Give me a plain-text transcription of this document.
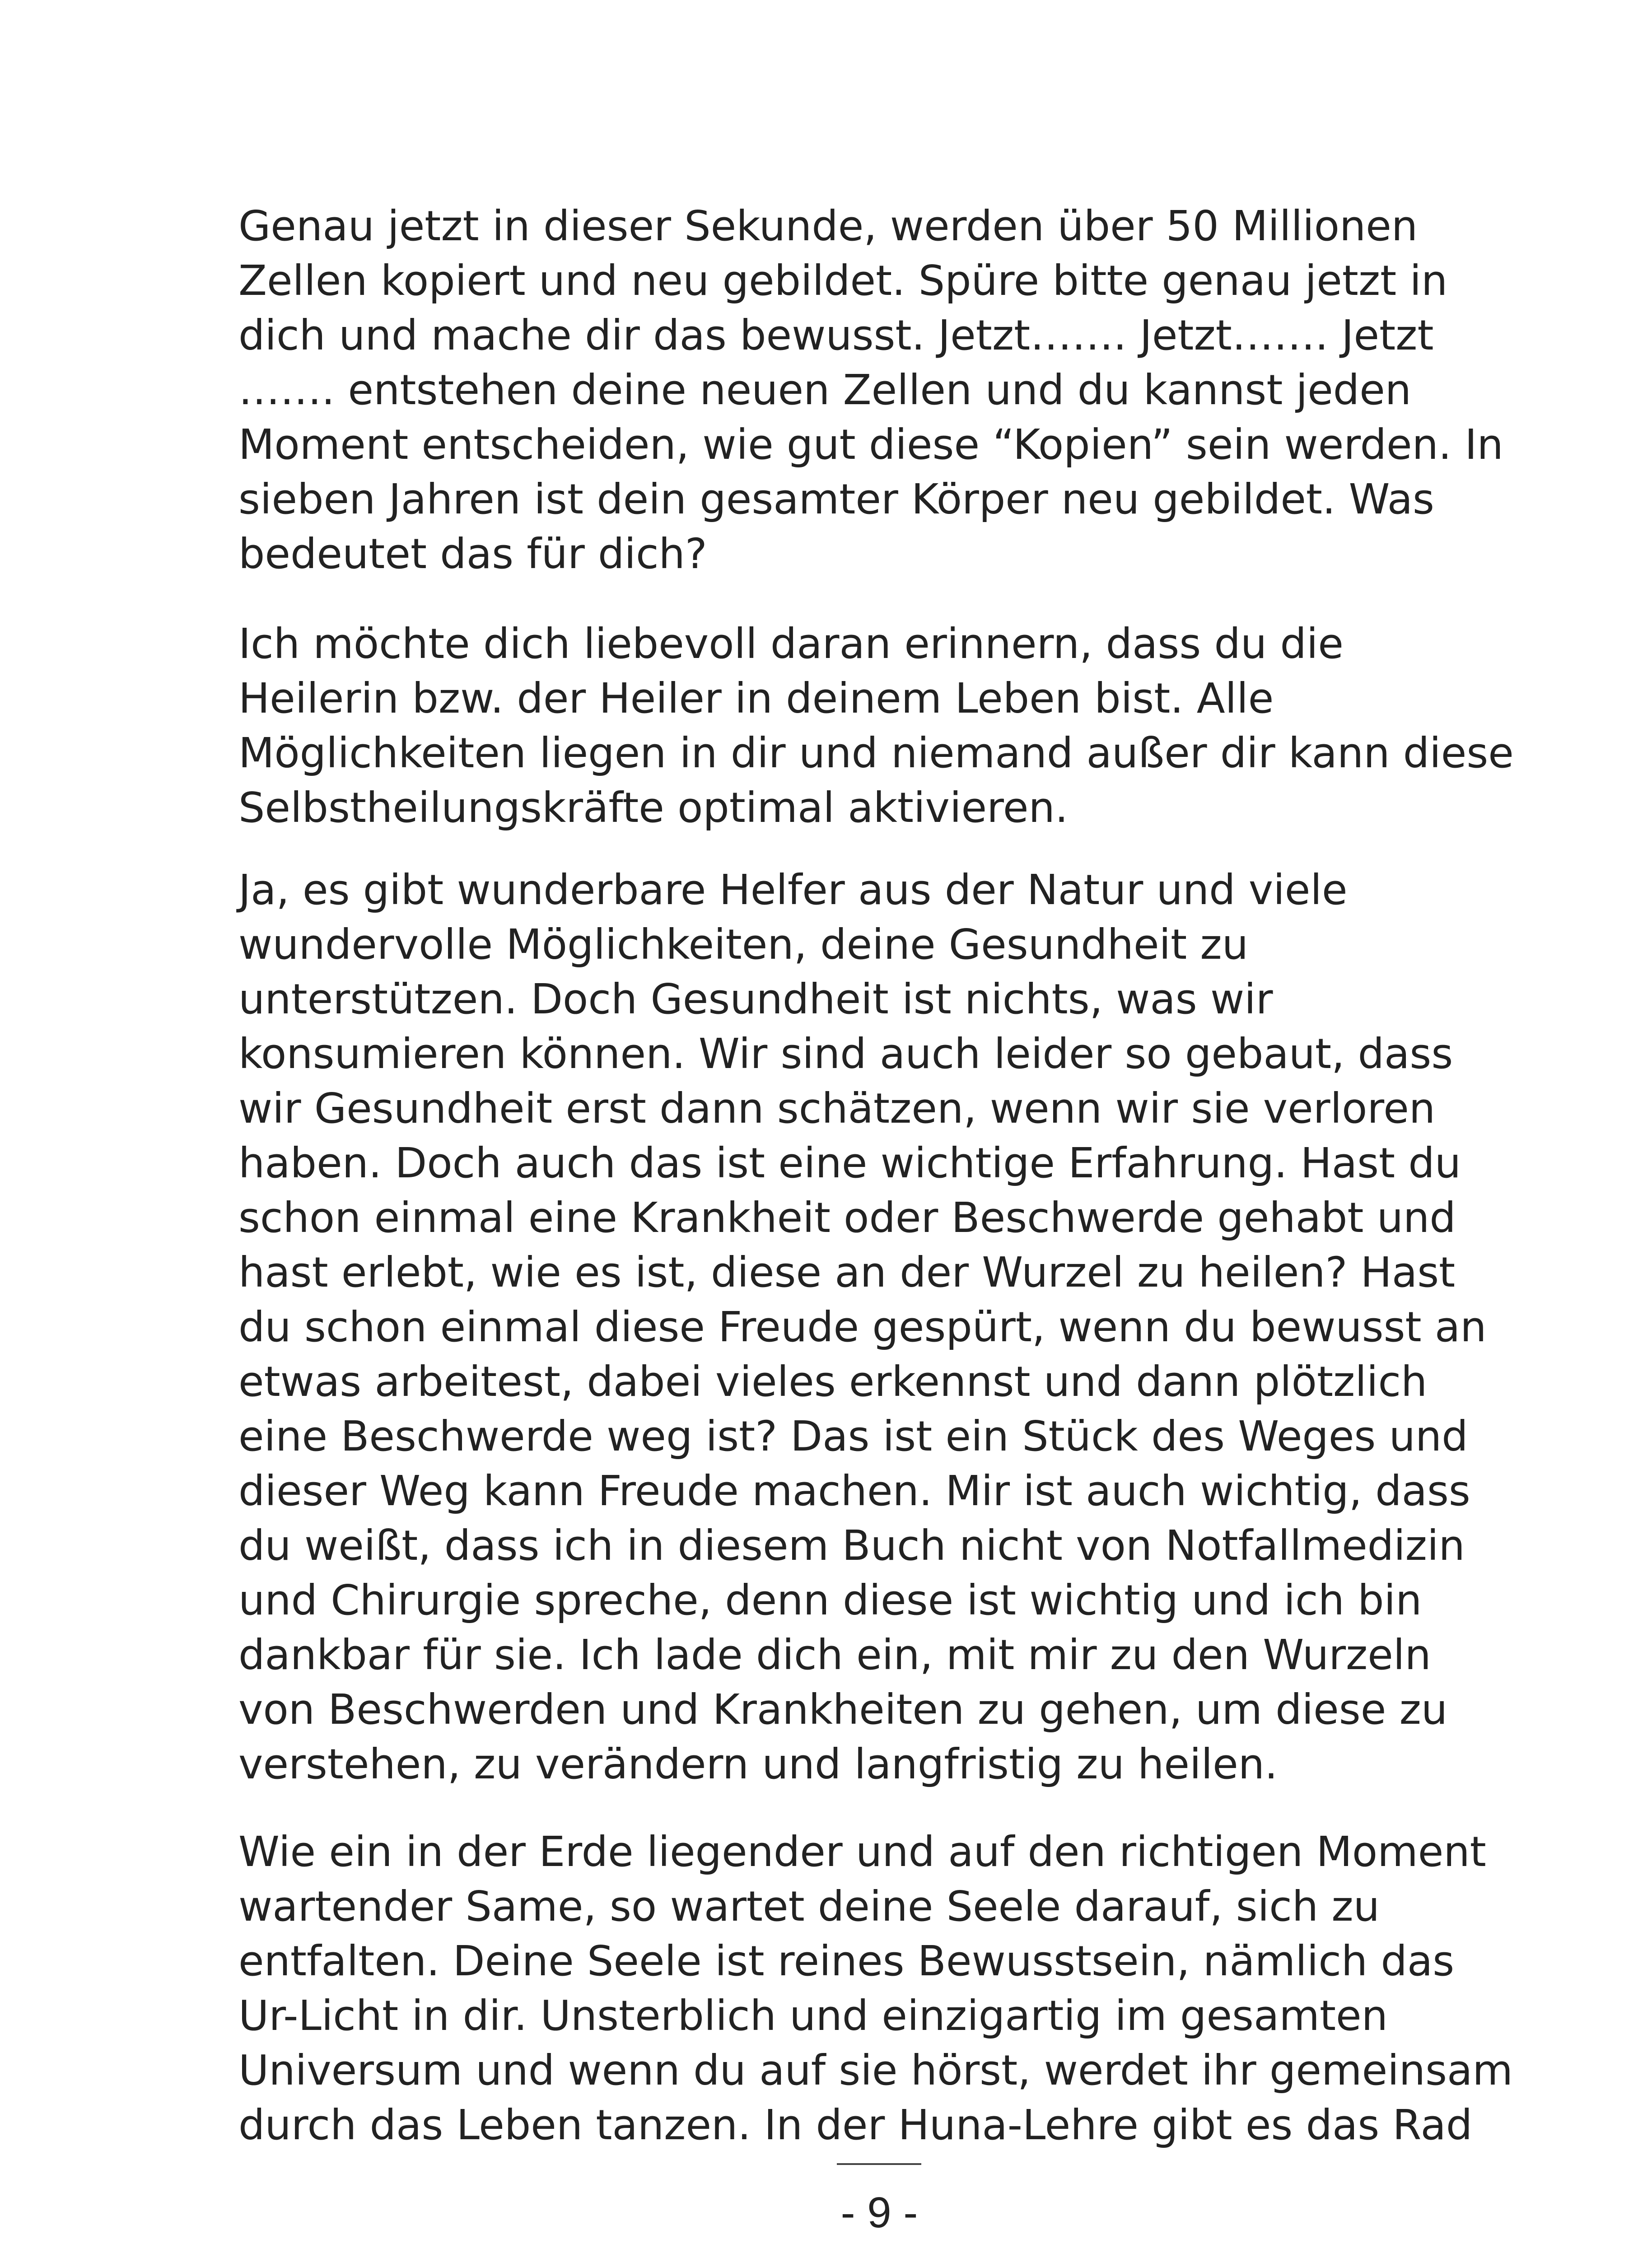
Genau jetzt in dieser Sekunde, werden über 50 Millionen
Zellen kopiert und neu gebildet. Spüre bitte genau jetzt in
dich und mache dir das bewusst. Jetzt……. Jetzt……. Jetzt
……. entstehen deine neuen Zellen und du kannst jeden
Moment entscheiden, wie gut diese “Kopien” sein werden. In
sieben Jahren ist dein gesamter Körper neu gebildet. Was
bedeutet das für dich?
Ich möchte dich liebevoll daran erinnern, dass du die
Heilerin bzw. der Heiler in deinem Leben bist. Alle
Möglichkeiten liegen in dir und niemand außer dir kann diese
Selbstheilungskräfte optimal aktivieren.
Ja, es gibt wunderbare Helfer aus der Natur und viele
wundervolle Möglichkeiten, deine Gesundheit zu
unterstützen. Doch Gesundheit ist nichts, was wir
konsumieren können. Wir sind auch leider so gebaut, dass
wir Gesundheit erst dann schätzen, wenn wir sie verloren
haben. Doch auch das ist eine wichtige Erfahrung. Hast du
schon einmal eine Krankheit oder Beschwerde gehabt und
hast erlebt, wie es ist, diese an der Wurzel zu heilen? Hast
du schon einmal diese Freude gespürt, wenn du bewusst an
etwas arbeitest, dabei vieles erkennst und dann plötzlich
eine Beschwerde weg ist? Das ist ein Stück des Weges und
dieser Weg kann Freude machen. Mir ist auch wichtig, dass
du weißt, dass ich in diesem Buch nicht von Notfallmedizin
und Chirurgie spreche, denn diese ist wichtig und ich bin
dankbar für sie. Ich lade dich ein, mit mir zu den Wurzeln
von Beschwerden und Krankheiten zu gehen, um diese zu
verstehen, zu verändern und langfristig zu heilen.
Wie ein in der Erde liegender und auf den richtigen Moment
wartender Same, so wartet deine Seele darauf, sich zu
entfalten. Deine Seele ist reines Bewusstsein, nämlich das
Ur-Licht in dir. Unsterblich und einzigartig im gesamten
Universum und wenn du auf sie hörst, werdet ihr gemeinsam
durch das Leben tanzen. In der Huna-Lehre gibt es das Rad
- 9 -
